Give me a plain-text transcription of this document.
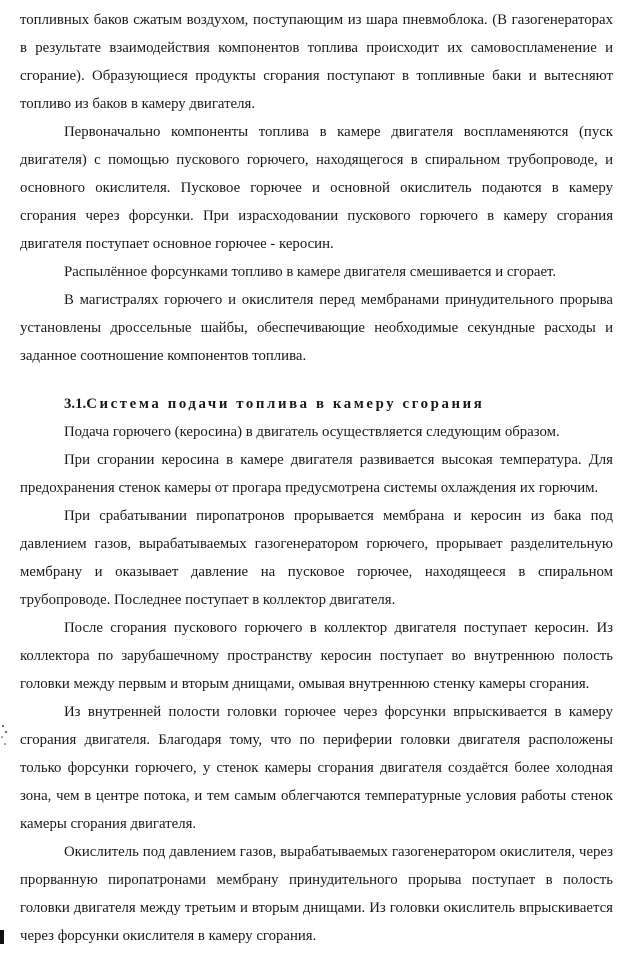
топливных баков сжатым воздухом, поступающим из шара пневмоблока. (В газогенераторах в результате взаимодействия компонентов топлива происходит их самовоспламенение и сгорание). Образующиеся продукты сгорания поступают в топливные баки и вытесняют топливо из баков в камеру двигателя.

Первоначально компоненты топлива в камере двигателя воспламеняются (пуск двигателя) с помощью пускового горючего, находящегося в спиральном трубопроводе, и основного окислителя. Пусковое горючее и основной окислитель подаются в камеру сгорания через форсунки. При израсходовании пускового горючего в камеру сгорания двигателя поступает основное горючее - керосин.

Распылённое форсунками топливо в камере двигателя смешивается и сгорает.

В магистралях горючего и окислителя перед мембранами принудительного прорыва установлены дроссельные шайбы, обеспечивающие необходимые секундные расходы и заданное соотношение компонентов топлива.

3.1.Система подачи топлива в камеру сгорания

Подача горючего (керосина) в двигатель осуществляется следующим образом.

При сгорании керосина в камере двигателя развивается высокая температура. Для предохранения стенок камеры от прогара предусмотрена системы охлаждения их горючим.

При срабатывании пиропатронов прорывается мембрана и керосин из бака под давлением газов, вырабатываемых газогенератором горючего, прорывает разделительную мембрану и оказывает давление на пусковое горючее, находящееся в спиральном трубопроводе. Последнее поступает в коллектор двигателя.

После сгорания пускового горючего в коллектор двигателя поступает керосин. Из коллектора по зарубашечному пространству керосин поступает во внутреннюю полость головки между первым и вторым днищами, омывая внутреннюю стенку камеры сгорания.

Из внутренней полости головки горючее через форсунки впрыскивается в камеру сгорания двигателя. Благодаря тому, что по периферии головки двигателя расположены только форсунки горючего, у стенок камеры сгорания двигателя создаётся более холодная зона, чем в центре потока, и тем самым облегчаются температурные условия работы стенок камеры сгорания двигателя.

Окислитель под давлением газов, вырабатываемых газогенератором окислителя, через прорванную пиропатронами мембрану принудительного прорыва поступает в полость головки двигателя между третьим и вторым днищами. Из головки окислитель впрыскивается через форсунки окислителя в камеру сгорания.
